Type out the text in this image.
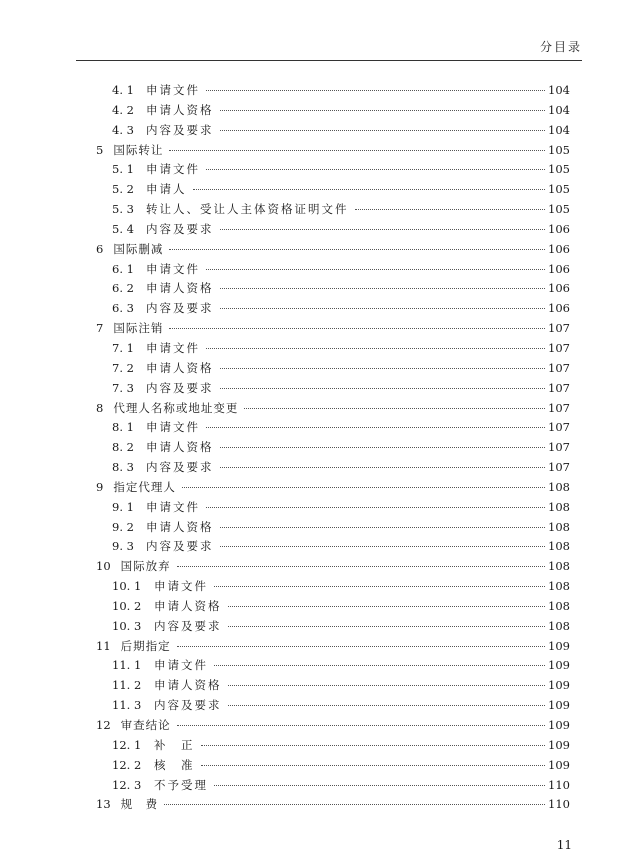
分目录
4. 1	申请文件	104
4. 2	申请人资格	104
4. 3	内容及要求	104
5 国际转让	105
5. 1	申请文件	105
5. 2	申请人	105
5. 3	转让人、受让人主体资格证明文件	105
5. 4	内容及要求	106
6 国际删减	106
6. 1	申请文件	106
6. 2	申请人资格	106
6. 3	内容及要求	106
7 国际注销	107
7. 1	申请文件	107
7. 2	申请人资格	107
7. 3	内容及要求	107
8 代理人名称或地址变更	107
8. 1	申请文件	107
8. 2	申请人资格	107
8. 3	内容及要求	107
9 指定代理人	108
9. 1	申请文件	108
9. 2	申请人资格	108
9. 3	内容及要求	108
10 国际放弃	108
10. 1	申请文件	108
10. 2	申请人资格	108
10. 3	内容及要求	108
11 后期指定	109
11. 1	申请文件	109
11. 2	申请人资格	109
11. 3	内容及要求	109
12 审查结论	109
12. 1	补　正	109
12. 2	核　准	109
12. 3	不予受理	110
13 规　费	110
11
